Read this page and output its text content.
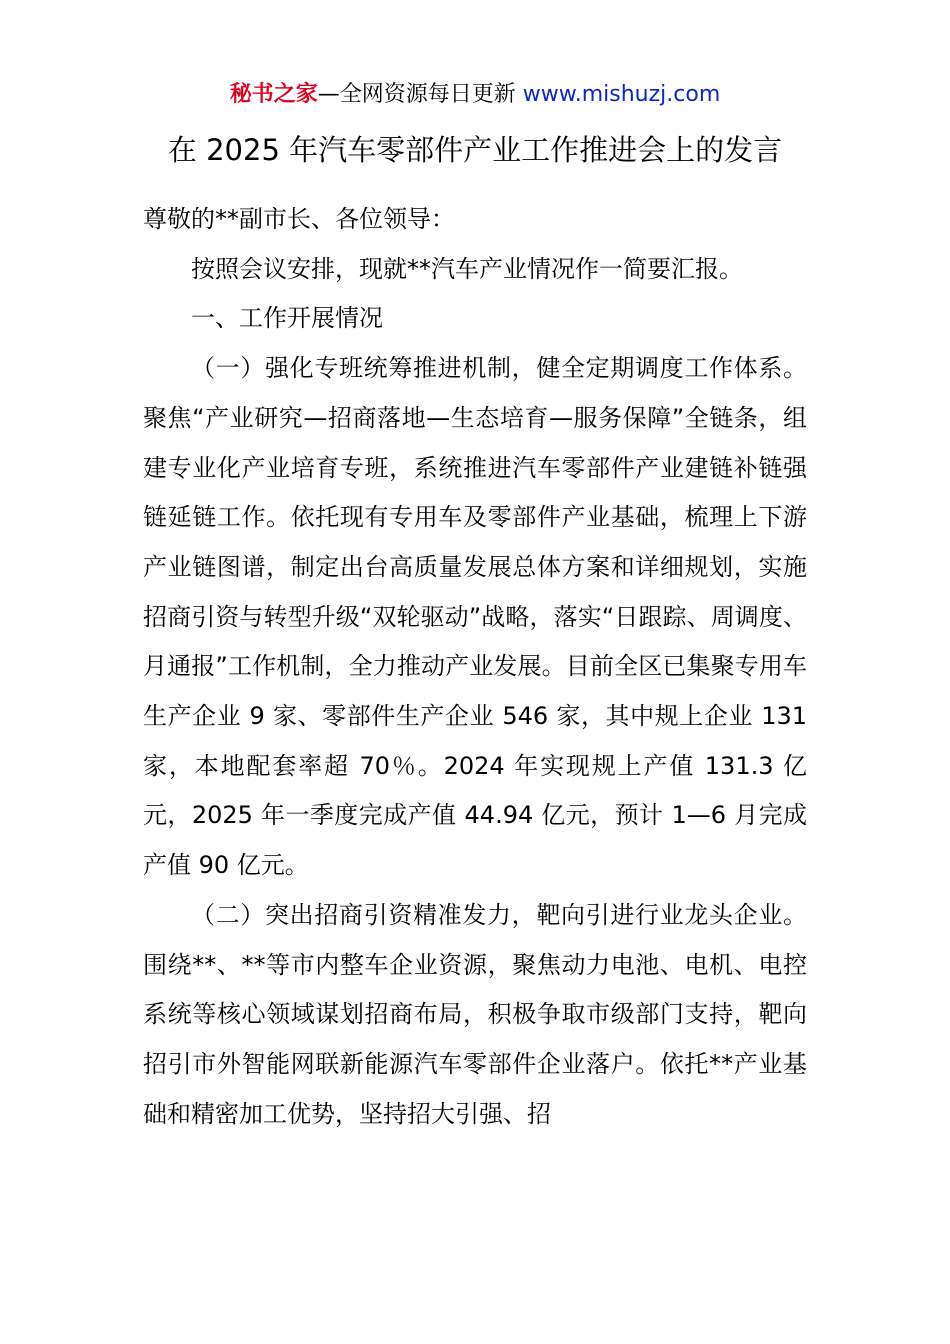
秘书之家—全网资源每日更新 www.mishuzj.com
在 2025 年汽车零部件产业工作推进会上的发言

尊敬的**副市长、各位领导：

按照会议安排，现就**汽车产业情况作一简要汇报。

一、工作开展情况

（一）强化专班统筹推进机制，健全定期调度工作体系。聚焦“产业研究—招商落地—生态培育—服务保障”全链条，组建专业化产业培育专班，系统推进汽车零部件产业建链补链强链延链工作。依托现有专用车及零部件产业基础，梳理上下游产业链图谱，制定出台高质量发展总体方案和详细规划，实施招商引资与转型升级“双轮驱动”战略，落实“日跟踪、周调度、月通报”工作机制，全力推动产业发展。目前全区已集聚专用车生产企业 9 家、零部件生产企业 546 家，其中规上企业 131 家，本地配套率超 70％。2024 年实现规上产值 131.3 亿元，2025 年一季度完成产值 44.94 亿元，预计 1—6 月完成产值 90 亿元。

（二）突出招商引资精准发力，靶向引进行业龙头企业。围绕**、**等市内整车企业资源，聚焦动力电池、电机、电控系统等核心领域谋划招商布局，积极争取市级部门支持，靶向招引市外智能网联新能源汽车零部件企业落户。依托**产业基础和精密加工优势，坚持招大引强、招
